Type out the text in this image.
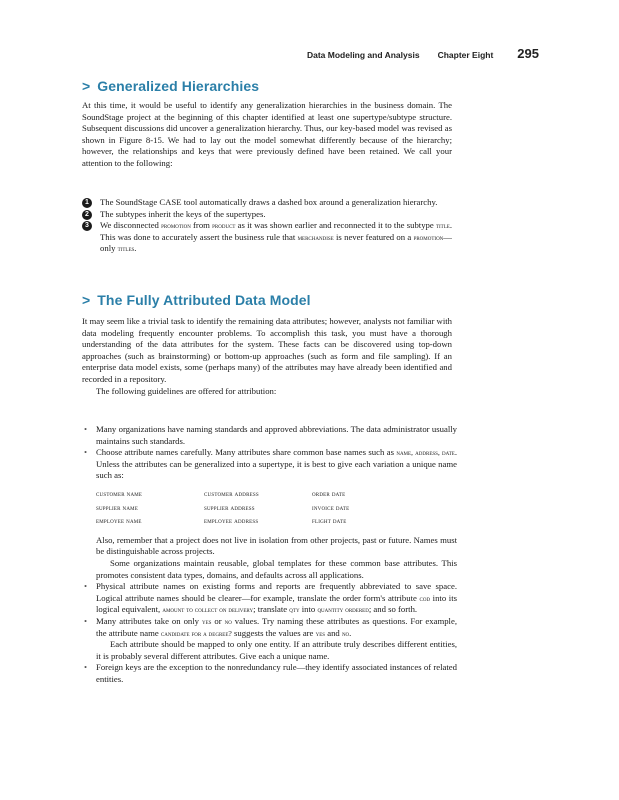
Data Modeling and Analysis Chapter Eight 295
> Generalized Hierarchies

At this time, it would be useful to identify any generalization hierarchies in the business domain. The SoundStage project at the beginning of this chapter identified at least one supertype/subtype structure. Subsequent discussions did uncover a generalization hierarchy. Thus, our key-based model was revised as shown in Figure 8-15. We had to lay out the model somewhat differently because of the hierarchy; however, the relationships and keys that were previously defined have been retained. We call your attention to the following:

1	The SoundStage CASE tool automatically draws a dashed box around a generalization hierarchy.
2	The subtypes inherit the keys of the supertypes.
3	We disconnected promotion from product as it was shown earlier and reconnected it to the subtype title. This was done to accurately assert the business rule that merchandise is never featured on a promotion—only titles.
> The Fully Attributed Data Model

It may seem like a trivial task to identify the remaining data attributes; however, analysts not familiar with data modeling frequently encounter problems. To accomplish this task, you must have a thorough understanding of the data attributes for the system. These facts can be discovered using top-down approaches (such as brainstorming) or bottom-up approaches (such as form and file sampling). If an enterprise data model exists, some (perhaps many) of the attributes may have already been identified and recorded in a repository.

The following guidelines are offered for attribution:

• Many organizations have naming standards and approved abbreviations. The data administrator usually maintains such standards.
• Choose attribute names carefully. Many attributes share common base names such as name, address, date. Unless the attributes can be generalized into a supertype, it is best to give each variation a unique name such as:
customer name	customer address	order date
supplier name	supplier address	invoice date
employee name	employee address	flight date
Also, remember that a project does not live in isolation from other projects, past or future. Names must be distinguishable across projects.
Some organizations maintain reusable, global templates for these common base attributes. This promotes consistent data types, domains, and defaults across all applications.
• Physical attribute names on existing forms and reports are frequently abbreviated to save space. Logical attribute names should be clearer—for example, translate the order form's attribute cod into its logical equivalent, amount to collect on delivery; translate qty into quantity ordered; and so forth.
• Many attributes take on only yes or no values. Try naming these attributes as questions. For example, the attribute name candidate for a degree? suggests the values are yes and no.
Each attribute should be mapped to only one entity. If an attribute truly describes different entities, it is probably several different attributes. Give each a unique name.
• Foreign keys are the exception to the nonredundancy rule—they identify associated instances of related entities.
